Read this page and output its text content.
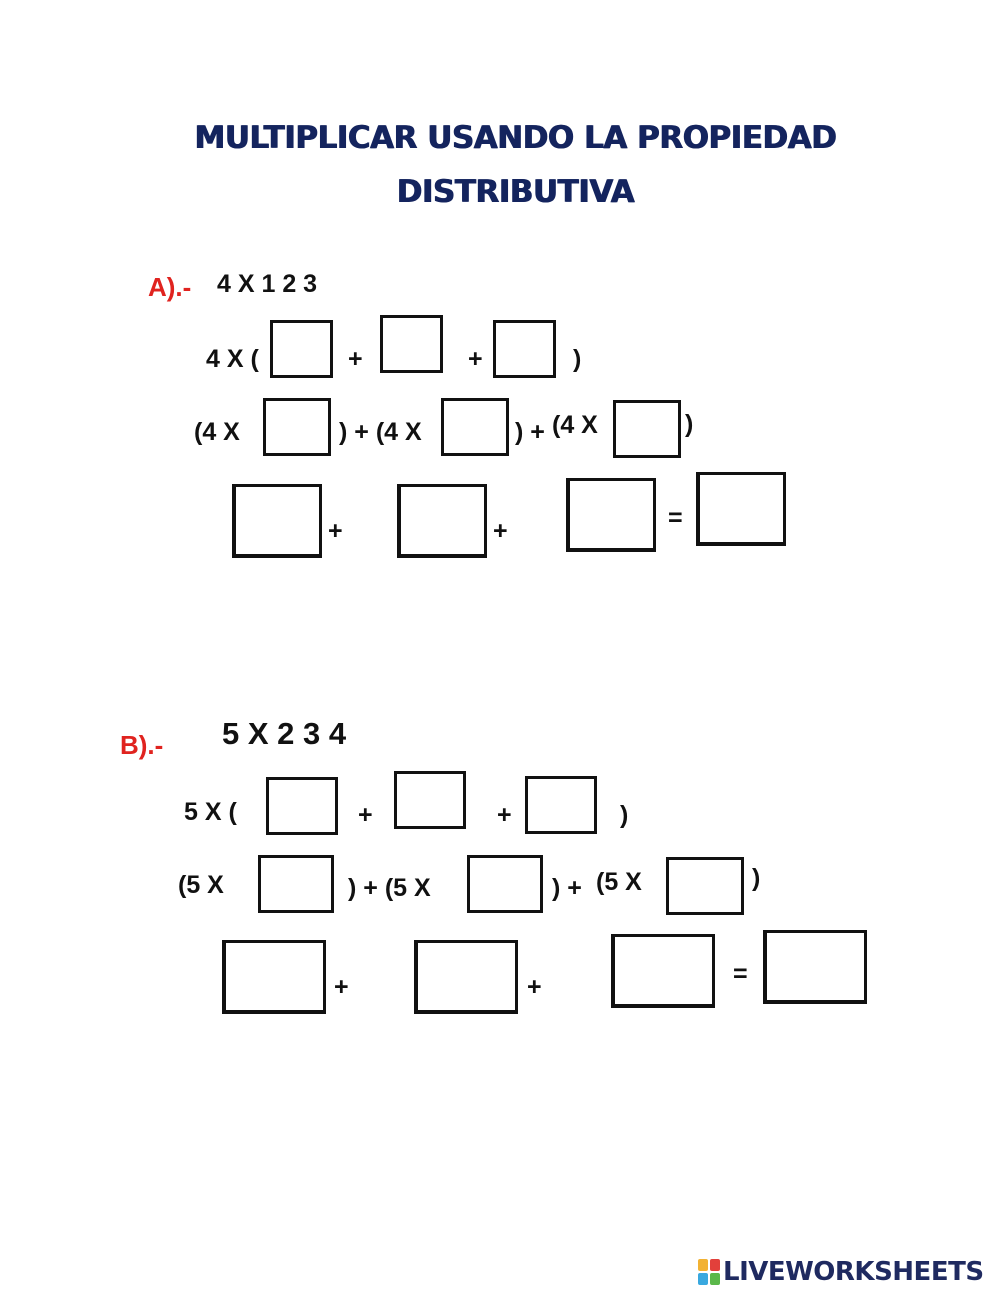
MULTIPLICAR USANDO LA PROPIEDAD
DISTRIBUTIVA
A).- 4 X 1 2 3
4 X (	+	+	)
(4 X	) + (4 X	) + (4 X	)
+	+	=
B).- 5 X 2 3 4
5 X (	+	+	)
(5 X	) + (5 X	) + (5 X	)
+	+	=
LIVEWORKSHEETS
